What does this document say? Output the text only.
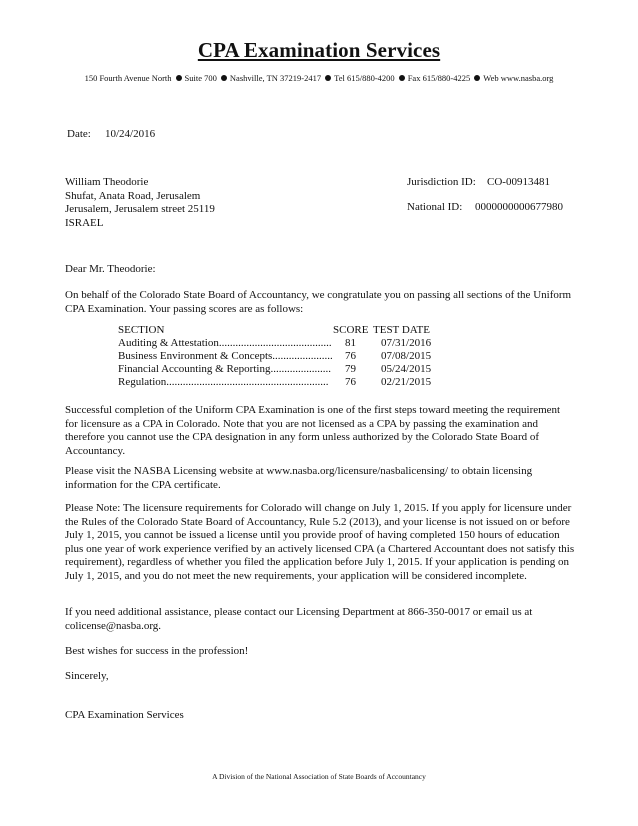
CPA Examination Services
150 Fourth Avenue North Suite 700 Nashville, TN 37219-2417 Tel 615/880-4200 Fax 615/880-4225 Web www.nasba.org
Date: 10/24/2016
William Theodorie
Shufat, Anata Road, Jerusalem
Jerusalem, Jerusalem street 25119
ISRAEL
Jurisdiction ID: CO-00913481
National ID: 0000000000677980
Dear Mr. Theodorie:
On behalf of the Colorado State Board of Accountancy, we congratulate you on passing all sections of the Uniform CPA Examination. Your passing scores are as follows:
SECTION	SCORE TEST DATE
Auditing & Attestation......................................... 81 07/31/2016
Business Environment & Concepts...................... 76 07/08/2015
Financial Accounting & Reporting...................... 79 05/24/2015
Regulation........................................................... 76 02/21/2015
Successful completion of the Uniform CPA Examination is one of the first steps toward meeting the requirement for licensure as a CPA in Colorado. Note that you are not licensed as a CPA by passing the examination and therefore you cannot use the CPA designation in any form unless authorized by the Colorado State Board of Accountancy.
Please visit the NASBA Licensing website at www.nasba.org/licensure/nasbalicensing/ to obtain licensing information for the CPA certificate.
Please Note: The licensure requirements for Colorado will change on July 1, 2015. If you apply for licensure under the Rules of the Colorado State Board of Accountancy, Rule 5.2 (2013), and your license is not issued on or before July 1, 2015, you cannot be issued a license until you provide proof of having completed 150 hours of education plus one year of work experience verified by an actively licensed CPA (a Chartered Accountant does not satisfy this requirement), regardless of whether you filed the application before July 1, 2015. If your application is pending on July 1, 2015, and you do not meet the new requirements, your application will be considered incomplete.
If you need additional assistance, please contact our Licensing Department at 866-350-0017 or email us at colicense@nasba.org.
Best wishes for success in the profession!
Sincerely,
CPA Examination Services
A Division of the National Association of State Boards of Accountancy
